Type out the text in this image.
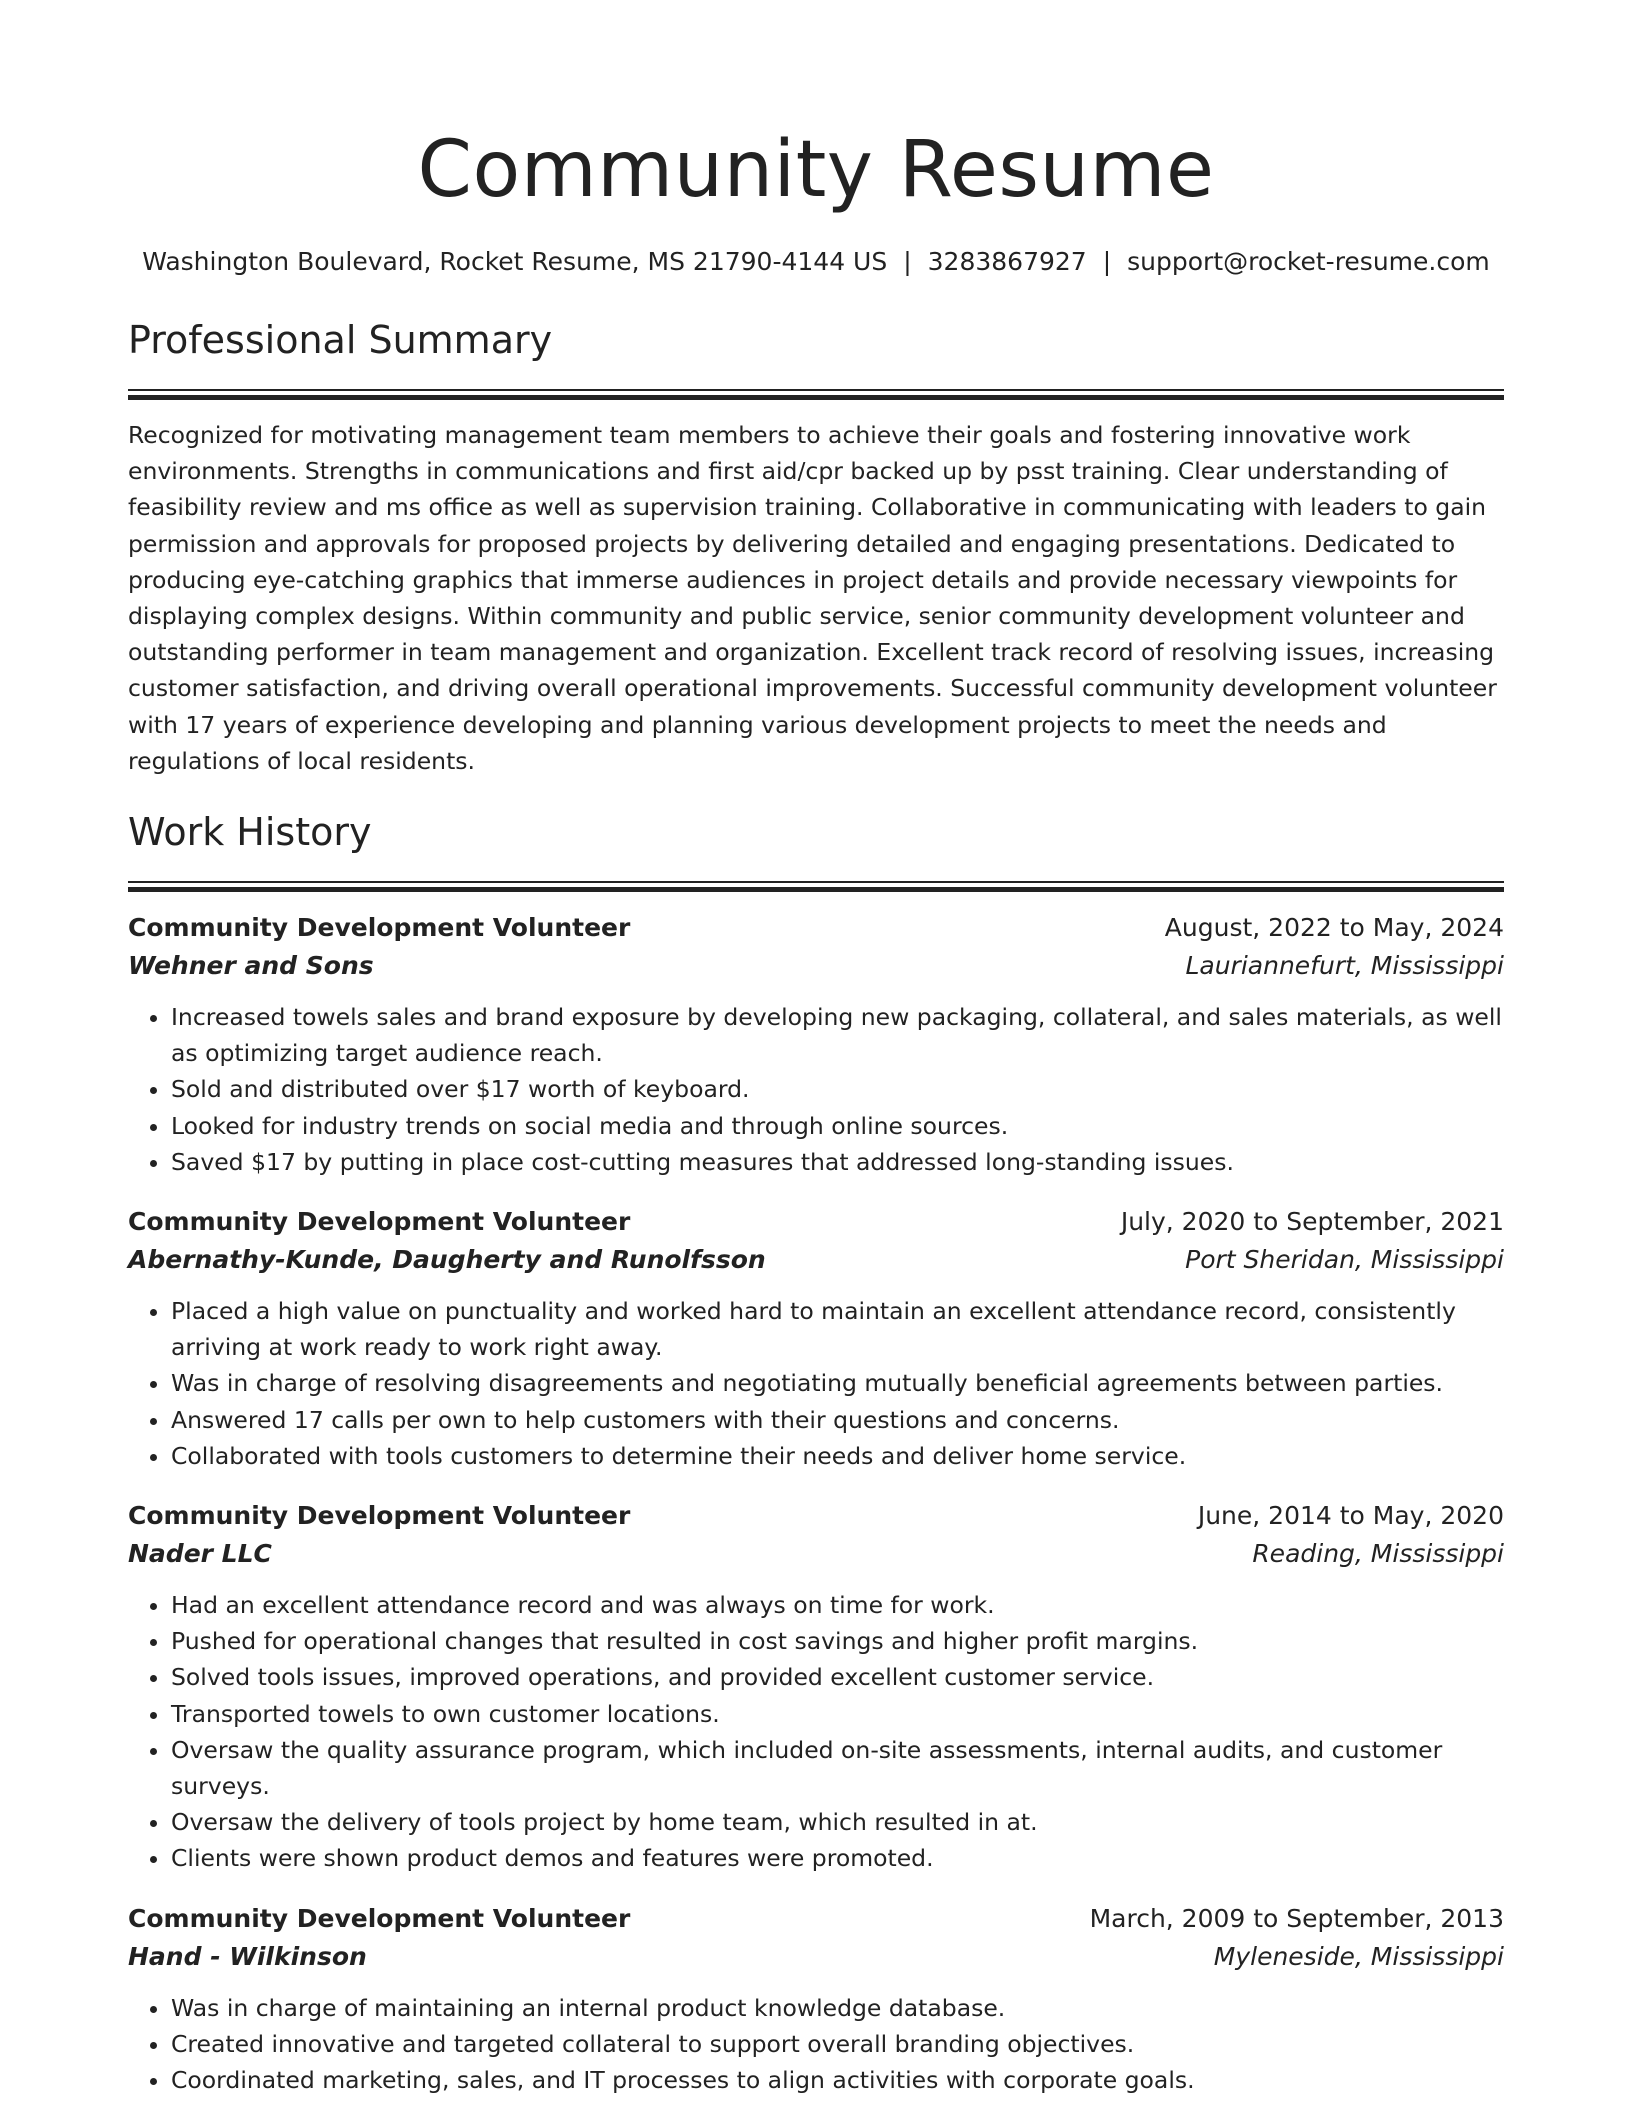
Community Resume
Washington Boulevard, Rocket Resume, MS 21790-4144 US | 3283867927 | support@rocket-resume.com
Professional Summary

Recognized for motivating management team members to achieve their goals and fostering innovative work environments. Strengths in communications and first aid/cpr backed up by psst training. Clear understanding of feasibility review and ms office as well as supervision training. Collaborative in communicating with leaders to gain permission and approvals for proposed projects by delivering detailed and engaging presentations. Dedicated to producing eye-catching graphics that immerse audiences in project details and provide necessary viewpoints for displaying complex designs. Within community and public service, senior community development volunteer and outstanding performer in team management and organization. Excellent track record of resolving issues, increasing customer satisfaction, and driving overall operational improvements. Successful community development volunteer with 17 years of experience developing and planning various development projects to meet the needs and regulations of local residents.

Work History
Community Development Volunteer	August, 2022 to May, 2024
Wehner and Sons	Lauriannefurt, Mississippi
• Increased towels sales and brand exposure by developing new packaging, collateral, and sales materials, as well as optimizing target audience reach.
• Sold and distributed over $17 worth of keyboard.
• Looked for industry trends on social media and through online sources.
• Saved $17 by putting in place cost-cutting measures that addressed long-standing issues.
Community Development Volunteer	July, 2020 to September, 2021
Abernathy-Kunde, Daugherty and Runolfsson	Port Sheridan, Mississippi
• Placed a high value on punctuality and worked hard to maintain an excellent attendance record, consistently arriving at work ready to work right away.
• Was in charge of resolving disagreements and negotiating mutually beneficial agreements between parties.
• Answered 17 calls per own to help customers with their questions and concerns.
• Collaborated with tools customers to determine their needs and deliver home service.
Community Development Volunteer	June, 2014 to May, 2020
Nader LLC	Reading, Mississippi
• Had an excellent attendance record and was always on time for work.
• Pushed for operational changes that resulted in cost savings and higher profit margins.
• Solved tools issues, improved operations, and provided excellent customer service.
• Transported towels to own customer locations.
• Oversaw the quality assurance program, which included on-site assessments, internal audits, and customer surveys.
• Oversaw the delivery of tools project by home team, which resulted in at.
• Clients were shown product demos and features were promoted.
Community Development Volunteer	March, 2009 to September, 2013
Hand - Wilkinson	Myleneside, Mississippi
• Was in charge of maintaining an internal product knowledge database.
• Created innovative and targeted collateral to support overall branding objectives.
• Coordinated marketing, sales, and IT processes to align activities with corporate goals.
